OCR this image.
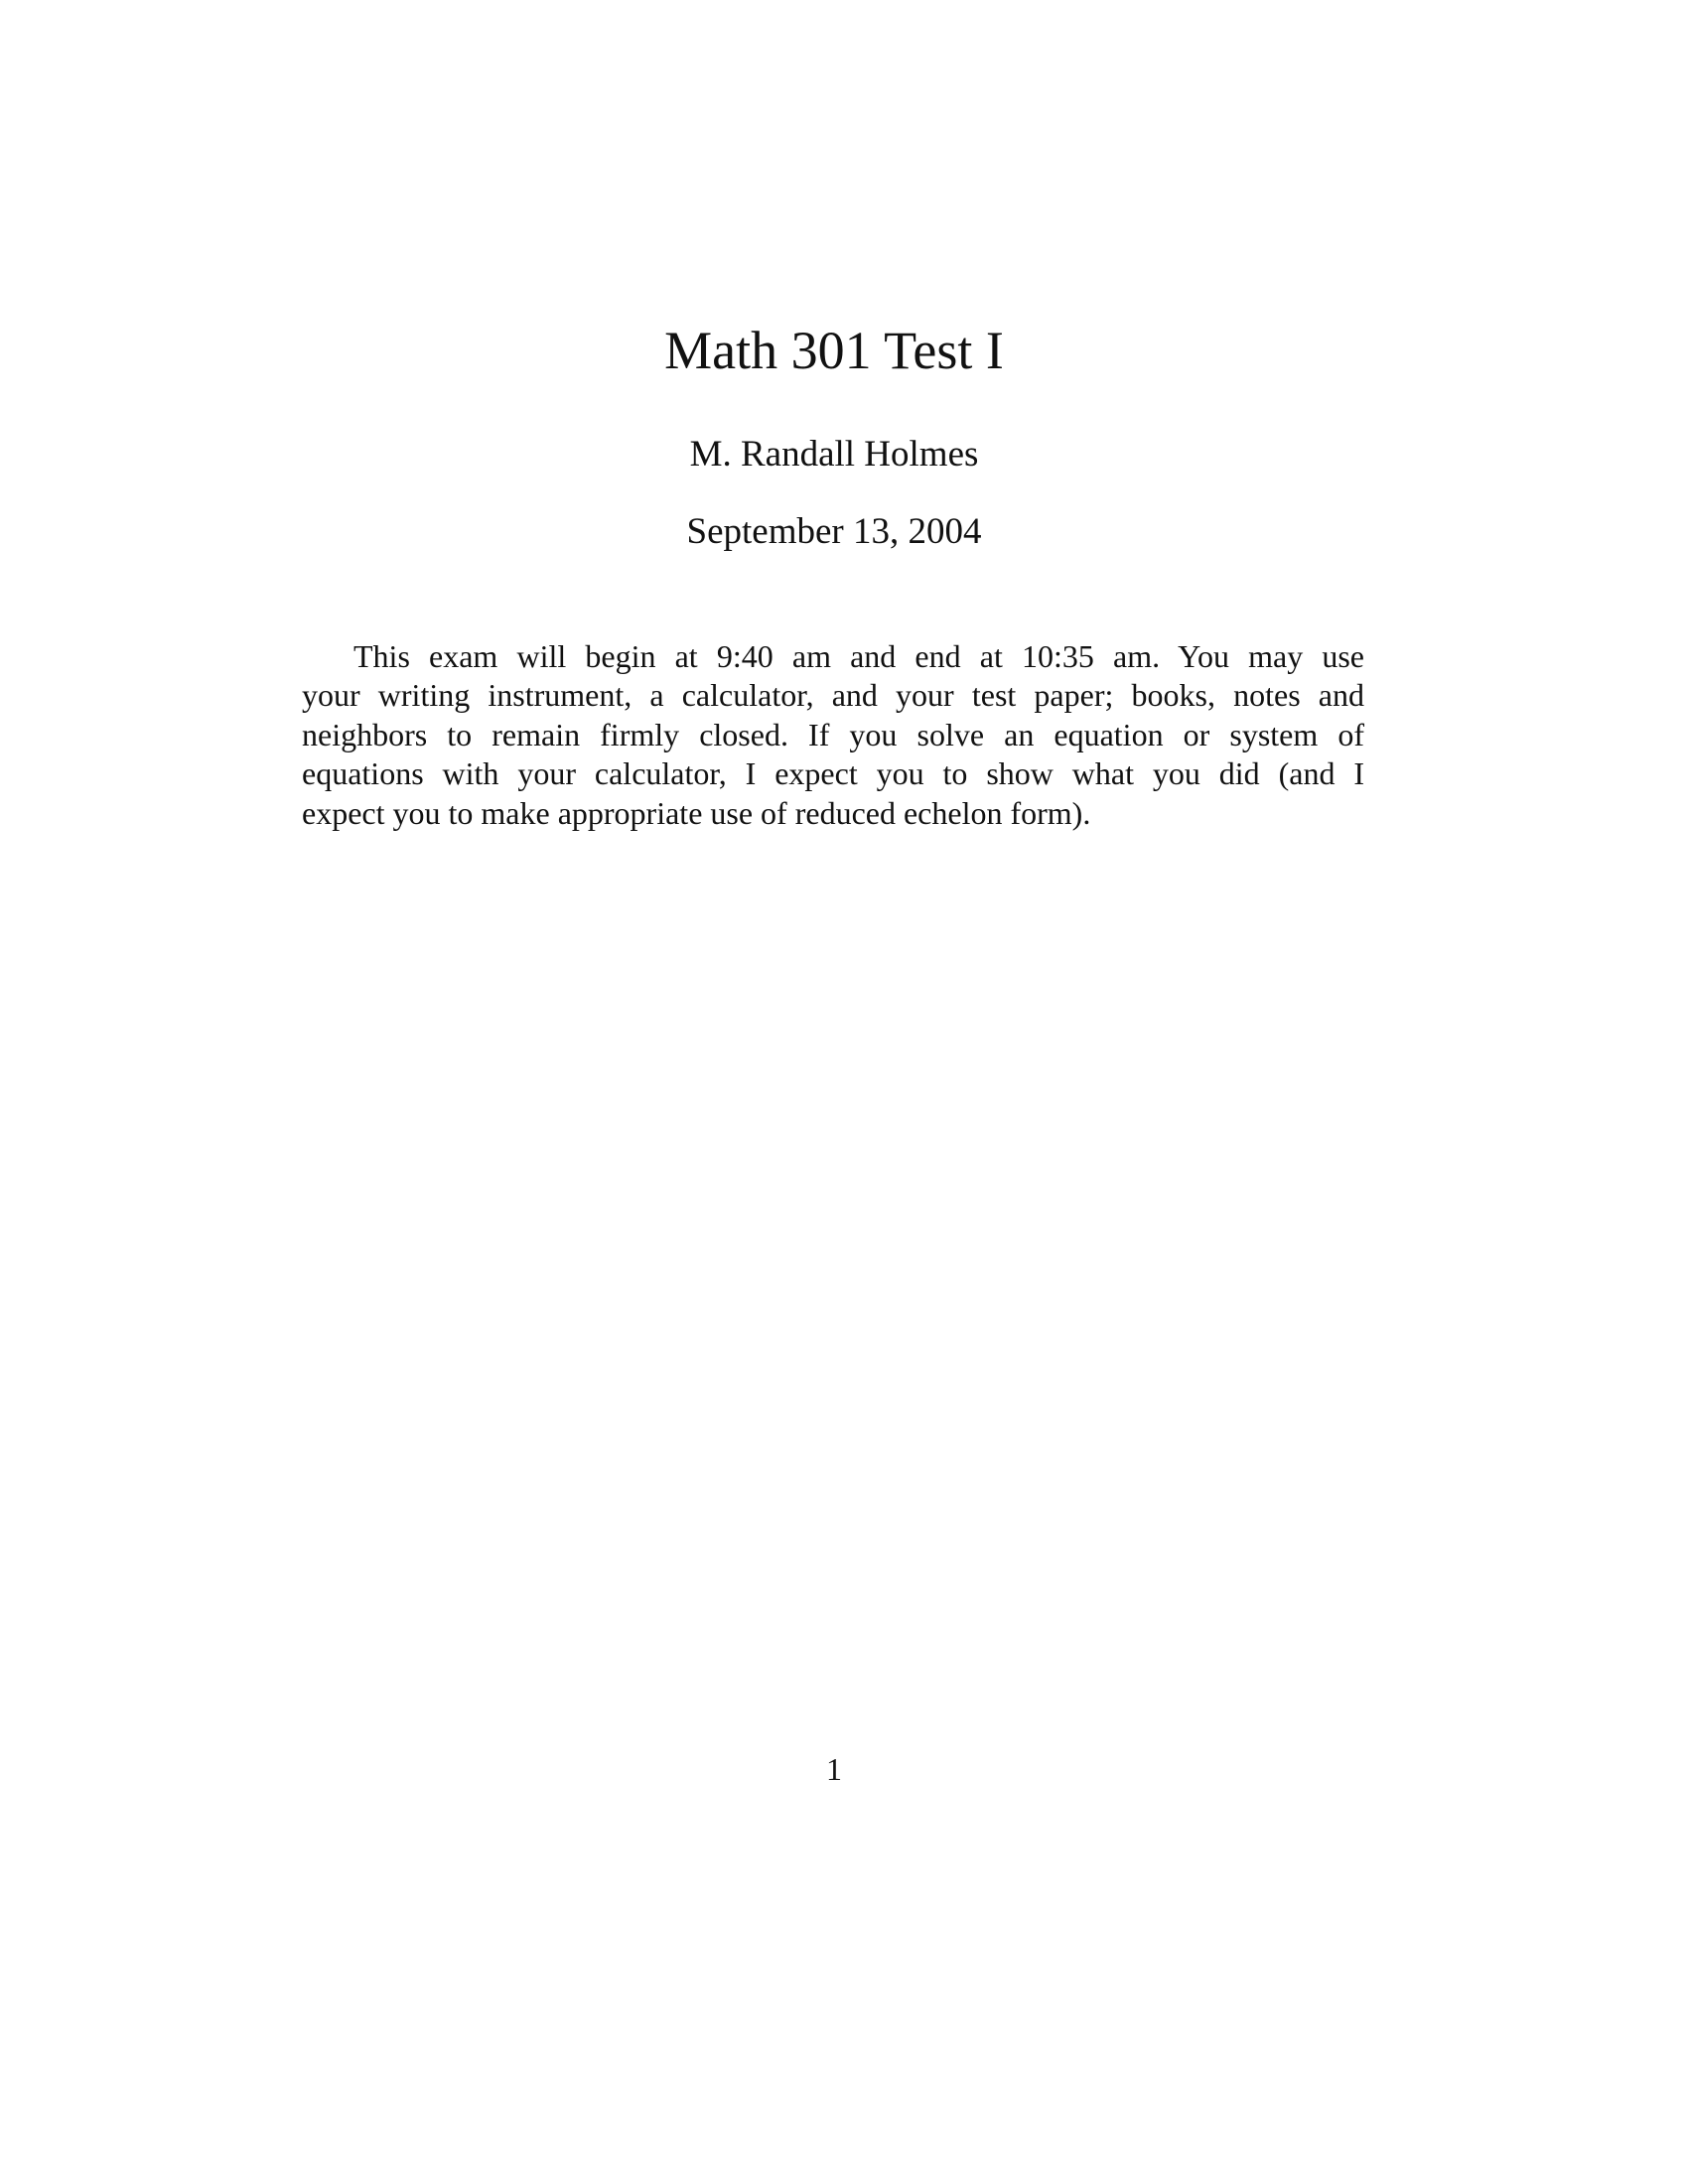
Math 301 Test I
M. Randall Holmes
September 13, 2004
This exam will begin at 9:40 am and end at 10:35 am. You may use
your writing instrument, a calculator, and your test paper; books, notes and
neighbors to remain firmly closed. If you solve an equation or system of
equations with your calculator, I expect you to show what you did (and I
expect you to make appropriate use of reduced echelon form).
1
